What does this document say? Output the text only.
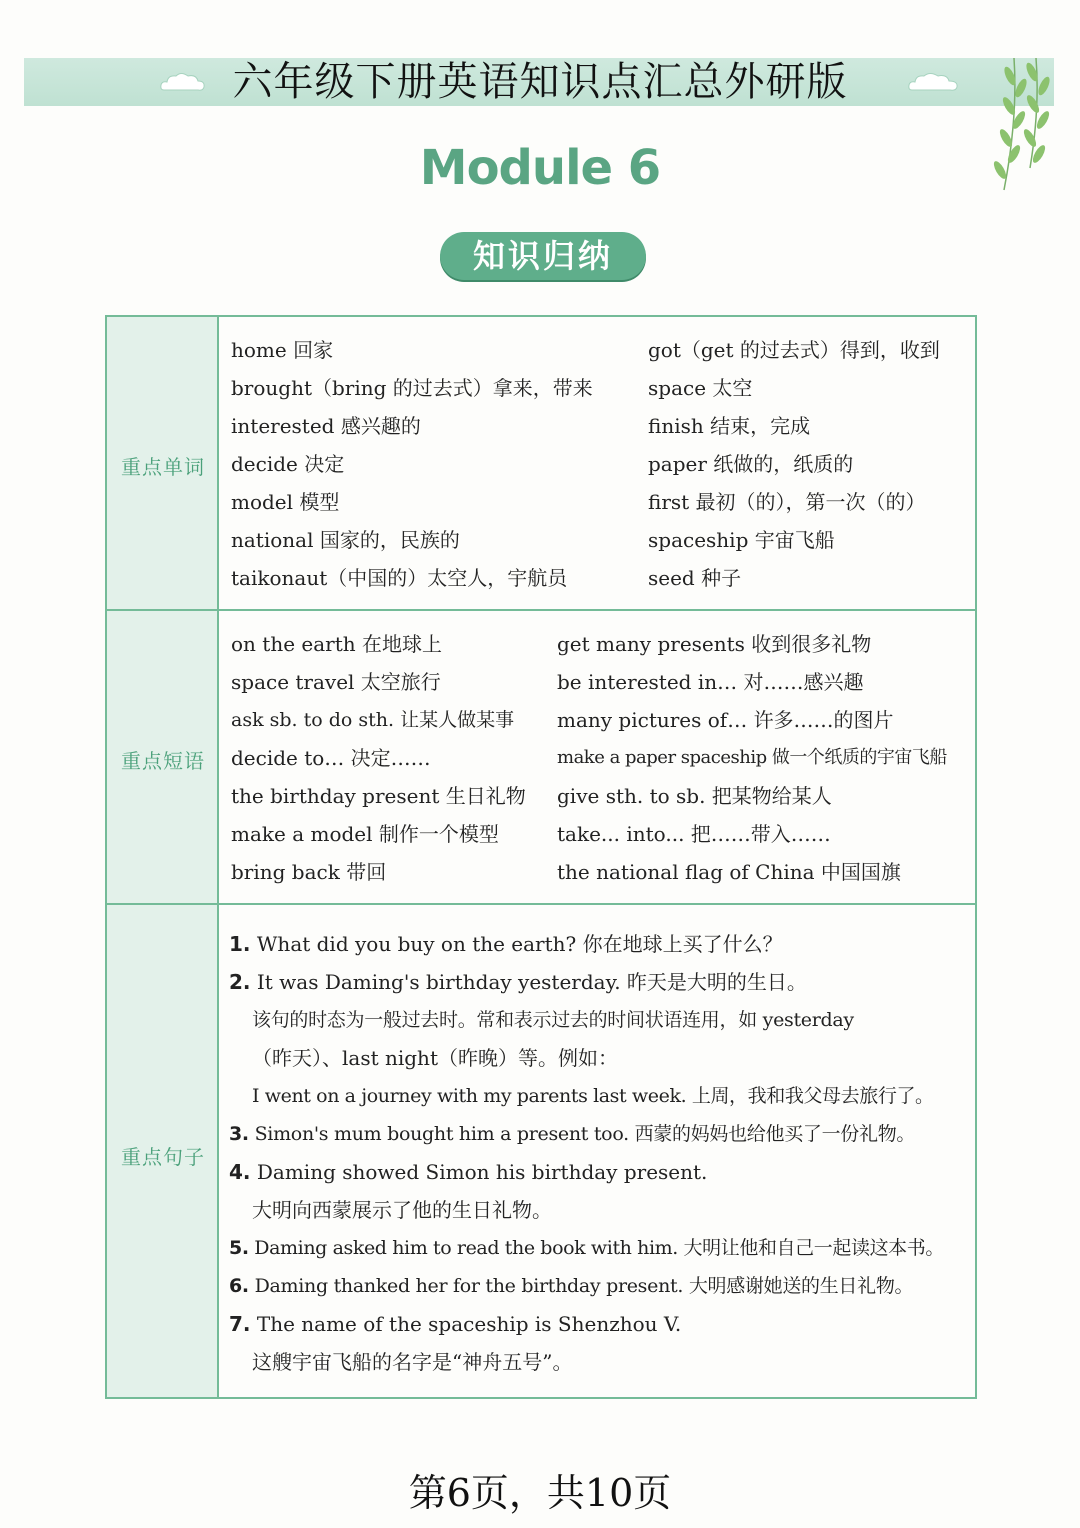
六年级下册英语知识点汇总外研版
Module 6
知识归纳
重点单词
重点短语
重点句子
home 回家
brought（bring 的过去式）拿来，带来
interested 感兴趣的
decide 决定
model 模型
national 国家的，民族的
taikonaut（中国的）太空人，宇航员
got（get 的过去式）得到，收到
space 太空
finish 结束，完成
paper 纸做的，纸质的
first 最初（的），第一次（的）
spaceship 宇宙飞船
seed 种子
on the earth 在地球上
space travel 太空旅行
ask sb. to do sth. 让某人做某事
decide to… 决定……
the birthday present 生日礼物
make a model 制作一个模型
bring back 带回
get many presents 收到很多礼物
be interested in… 对……感兴趣
many pictures of… 许多……的图片
make a paper spaceship 做一个纸质的宇宙飞船
give sth. to sb. 把某物给某人
take... into... 把……带入……
the national flag of China 中国国旗
1. What did you buy on the earth? 你在地球上买了什么？
2. It was Daming's birthday yesterday. 昨天是大明的生日。
该句的时态为一般过去时。常和表示过去的时间状语连用，如 yesterday
（昨天）、last night（昨晚）等。例如：
I went on a journey with my parents last week. 上周，我和我父母去旅行了。
3. Simon's mum bought him a present too. 西蒙的妈妈也给他买了一份礼物。
4. Daming showed Simon his birthday present.
大明向西蒙展示了他的生日礼物。
5. Daming asked him to read the book with him. 大明让他和自己一起读这本书。
6. Daming thanked her for the birthday present. 大明感谢她送的生日礼物。
7. The name of the spaceship is Shenzhou V.
这艘宇宙飞船的名字是“神舟五号”。
第6页，共10页
